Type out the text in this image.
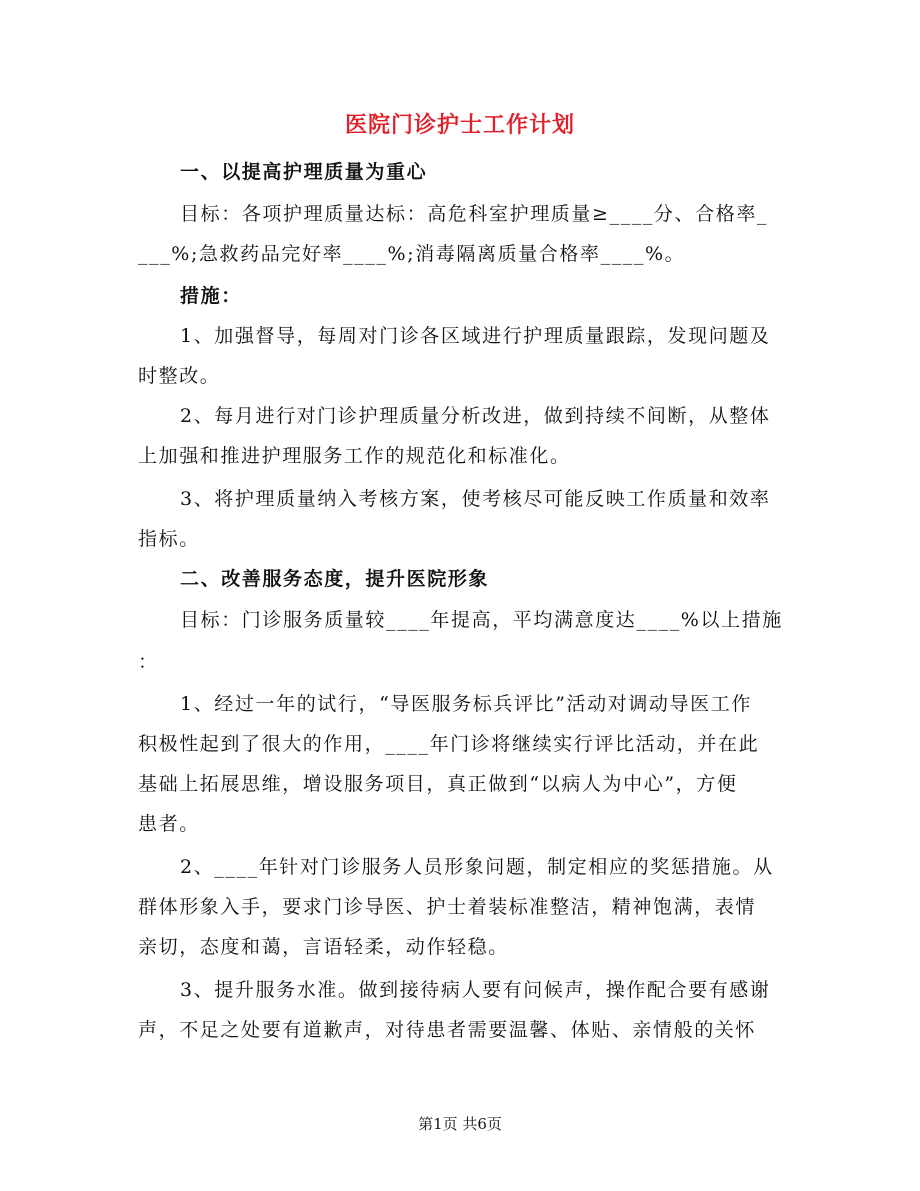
医院门诊护士工作计划
一、以提高护理质量为重心
目标：各项护理质量达标：高危科室护理质量≥____分、合格率_
___%;急救药品完好率____%;消毒隔离质量合格率____%。
措施：
1、加强督导，每周对门诊各区域进行护理质量跟踪，发现问题及
时整改。
2、每月进行对门诊护理质量分析改进，做到持续不间断，从整体
上加强和推进护理服务工作的规范化和标准化。
3、将护理质量纳入考核方案，使考核尽可能反映工作质量和效率
指标。
二、改善服务态度，提升医院形象
目标：门诊服务质量较____年提高，平均满意度达____%以上措施
：
1、经过一年的试行，“导医服务标兵评比”活动对调动导医工作
积极性起到了很大的作用，____年门诊将继续实行评比活动，并在此
基础上拓展思维，增设服务项目，真正做到“以病人为中心”，方便
患者。
2、____年针对门诊服务人员形象问题，制定相应的奖惩措施。从
群体形象入手，要求门诊导医、护士着装标准整洁，精神饱满，表情
亲切，态度和蔼，言语轻柔，动作轻稳。
3、提升服务水准。做到接待病人要有问候声，操作配合要有感谢
声，不足之处要有道歉声，对待患者需要温馨、体贴、亲情般的关怀
第1页 共6页
